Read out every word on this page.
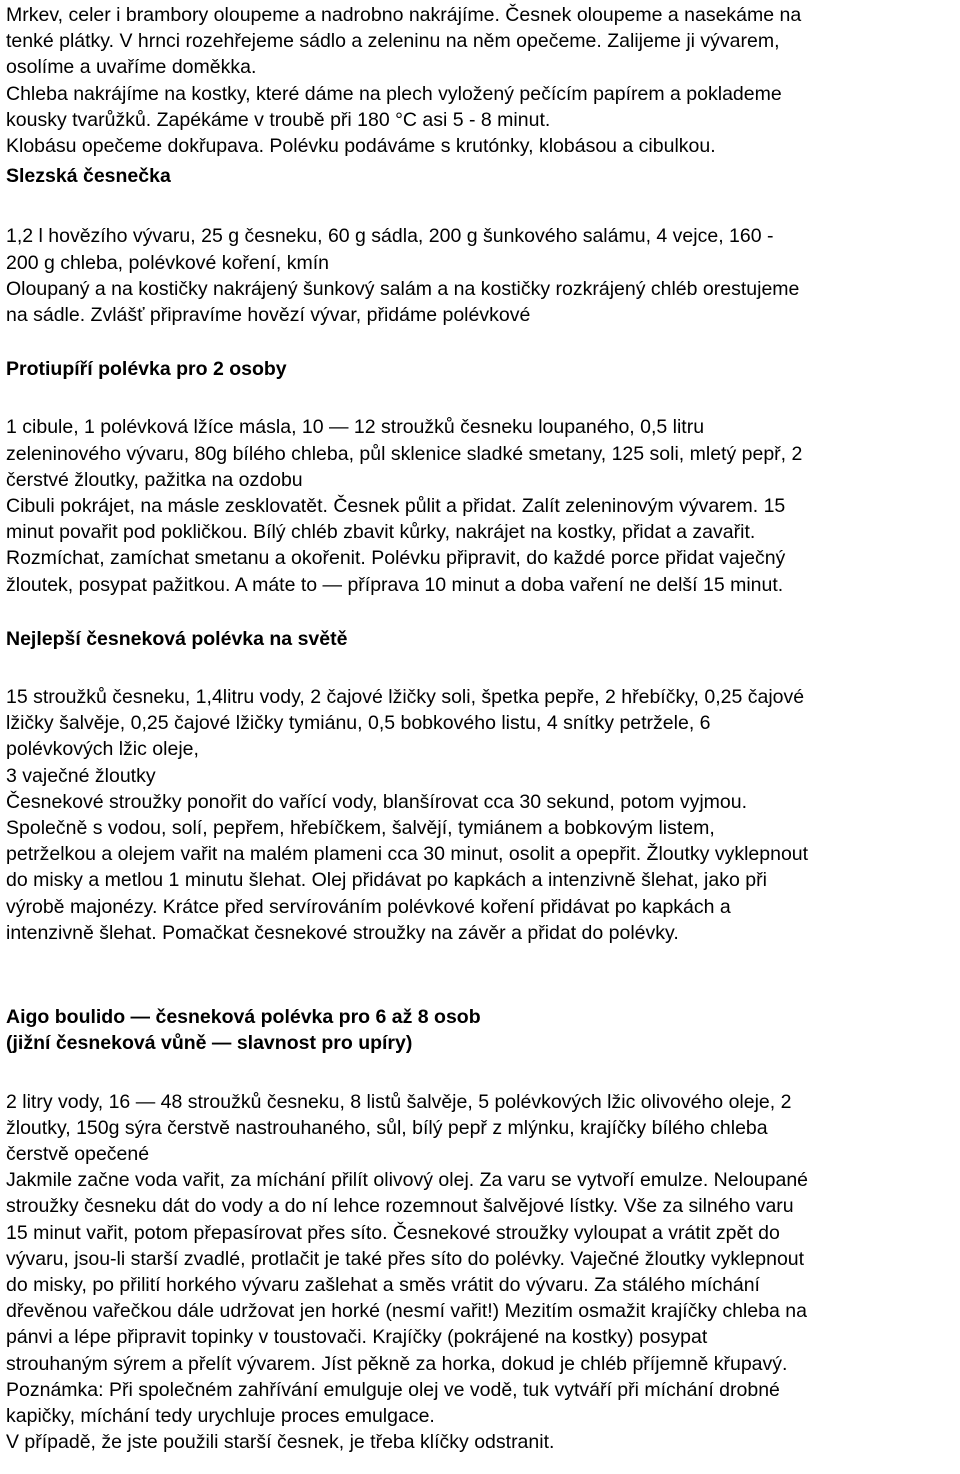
Mrkev, celer i brambory oloupeme a nadrobno nakrájíme. Česnek oloupeme a nasekáme na
tenké plátky. V hrnci rozehřejeme sádlo a zeleninu na něm opečeme. Zalijeme ji vývarem,
osolíme a uvaříme doměkka.
Chleba nakrájíme na kostky, které dáme na plech vyložený pečícím papírem a poklademe
kousky tvarůžků. Zapékáme v troubě při 180 °C asi 5 - 8 minut.
Klobásu opečeme dokřupava. Polévku podáváme s krutónky, klobásou a cibulkou.
Slezská česnečka
1,2 l hovězího vývaru, 25 g česneku, 60 g sádla, 200 g šunkového salámu, 4 vejce, 160 -
200 g chleba, polévkové koření, kmín
Oloupaný a na kostičky nakrájený šunkový salám a na kostičky rozkrájený chléb orestujeme
na sádle. Zvlášť připravíme hovězí vývar, přidáme polévkové
Protiupíří polévka pro 2 osoby
1 cibule, 1 polévková lžíce másla, 10 — 12 stroužků česneku loupaného, 0,5 litru
zeleninového vývaru, 80g bílého chleba, půl sklenice sladké smetany, 125 soli, mletý pepř, 2
čerstvé žloutky, pažitka na ozdobu
Cibuli pokrájet, na másle zesklovatět. Česnek půlit a přidat. Zalít zeleninovým vývarem. 15
minut povařit pod pokličkou. Bílý chléb zbavit kůrky, nakrájet na kostky, přidat a zavařit.
Rozmíchat, zamíchat smetanu a okořenit. Polévku připravit, do každé porce přidat vaječný
žloutek, posypat pažitkou. A máte to — příprava 10 minut a doba vaření ne delší 15 minut.
Nejlepší česneková polévka na světě
15 stroužků česneku, 1,4litru vody, 2 čajové lžičky soli, špetka pepře, 2 hřebíčky, 0,25 čajové
lžičky šalvěje, 0,25 čajové lžičky tymiánu, 0,5 bobkového listu, 4 snítky petržele, 6
polévkových lžic oleje,
3 vaječné žloutky
Česnekové stroužky ponořit do vařící vody, blanšírovat cca 30 sekund, potom vyjmou.
Společně s vodou, solí, pepřem, hřebíčkem, šalvějí, tymiánem a bobkovým listem,
petrželkou a olejem vařit na malém plameni cca 30 minut, osolit a opepřit. Žloutky vyklepnout
do misky a metlou 1 minutu šlehat. Olej přidávat po kapkách a intenzivně šlehat, jako při
výrobě majonézy. Krátce před servírováním polévkové koření přidávat po kapkách a
intenzivně šlehat. Pomačkat česnekové stroužky na závěr a přidat do polévky.
Aigo boulido — česneková polévka pro 6 až 8 osob
(jižní česneková vůně — slavnost pro upíry)
2 litry vody, 16 — 48 stroužků česneku, 8 listů šalvěje, 5 polévkových lžic olivového oleje, 2
žloutky, 150g sýra čerstvě nastrouhaného, sůl, bílý pepř z mlýnku, krajíčky bílého chleba
čerstvě opečené
Jakmile začne voda vařit, za míchání přilít olivový olej. Za varu se vytvoří emulze. Neloupané
stroužky česneku dát do vody a do ní lehce rozemnout šalvějové lístky. Vše za silného varu
15 minut vařit, potom přepasírovat přes síto. Česnekové stroužky vyloupat a vrátit zpět do
vývaru, jsou-li starší zvadlé, protlačit je také přes síto do polévky. Vaječné žloutky vyklepnout
do misky, po přilití horkého vývaru zašlehat a směs vrátit do vývaru. Za stálého míchání
dřevěnou vařečkou dále udržovat jen horké (nesmí vařit!) Mezitím osmažit krajíčky chleba na
pánvi a lépe připravit topinky v toustovači. Krajíčky (pokrájené na kostky) posypat
strouhaným sýrem a přelít vývarem. Jíst pěkně za horka, dokud je chléb příjemně křupavý.
Poznámka: Při společném zahřívání emulguje olej ve vodě, tuk vytváří při míchání drobné
kapičky, míchání tedy urychluje proces emulgace.
V případě, že jste použili starší česnek, je třeba klíčky odstranit.
